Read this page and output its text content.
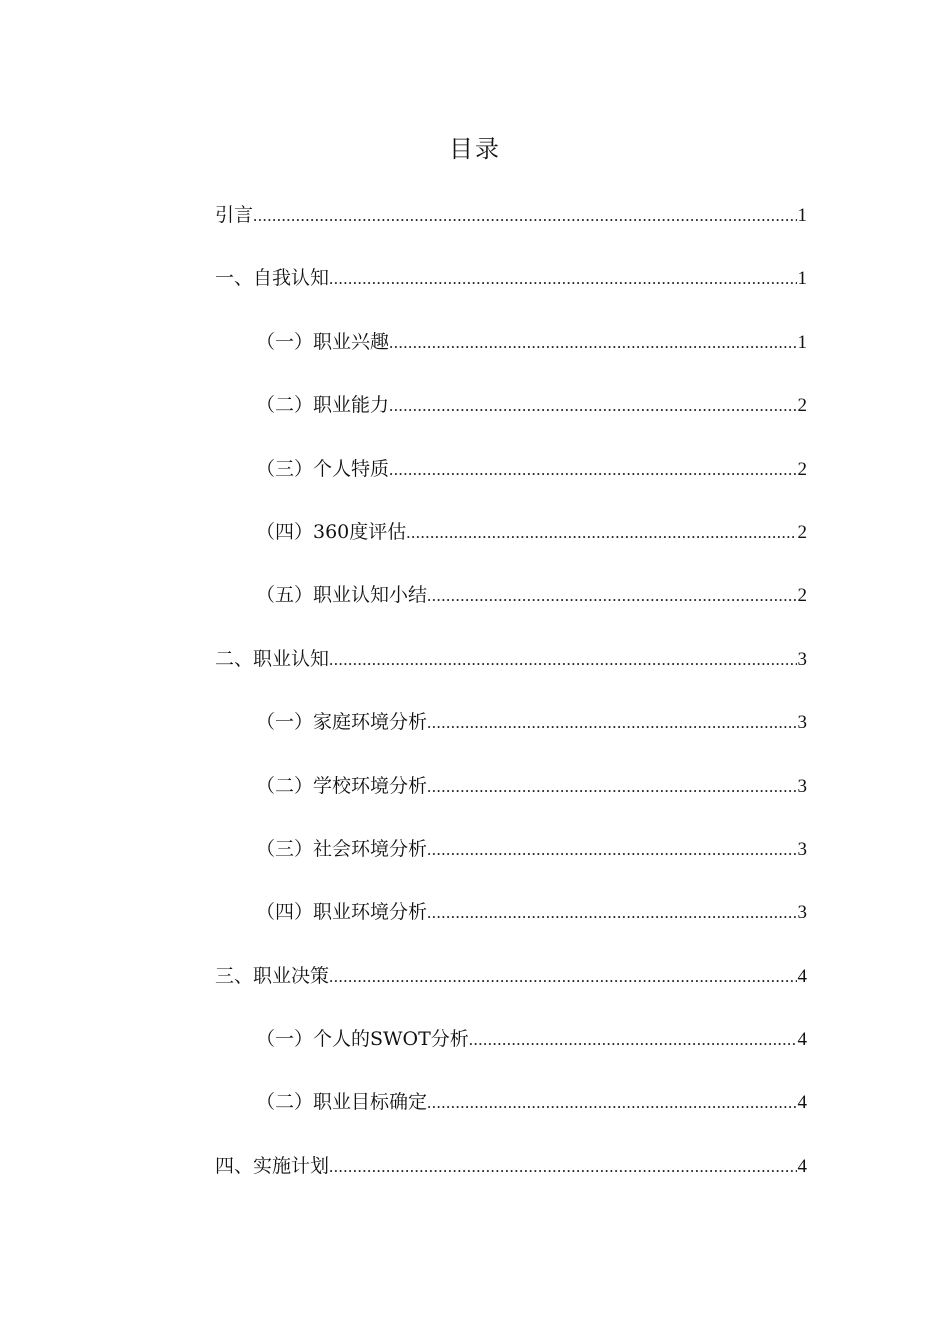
目录
引言 .....	1
一、自我认知 .....	1
（一）职业兴趣 .....	1
（二）职业能力 .....	2
（三）个人特质 .....	2
（四）360度评估 .....	2
（五）职业认知小结 .....	2
二、职业认知 .....	3
（一）家庭环境分析 .....	3
（二）学校环境分析 .....	3
（三）社会环境分析 .....	3
（四）职业环境分析 .....	3
三、职业决策 .....	4
（一）个人的SWOT分析 .....	4
（二）职业目标确定 .....	4
四、实施计划 .....	4
